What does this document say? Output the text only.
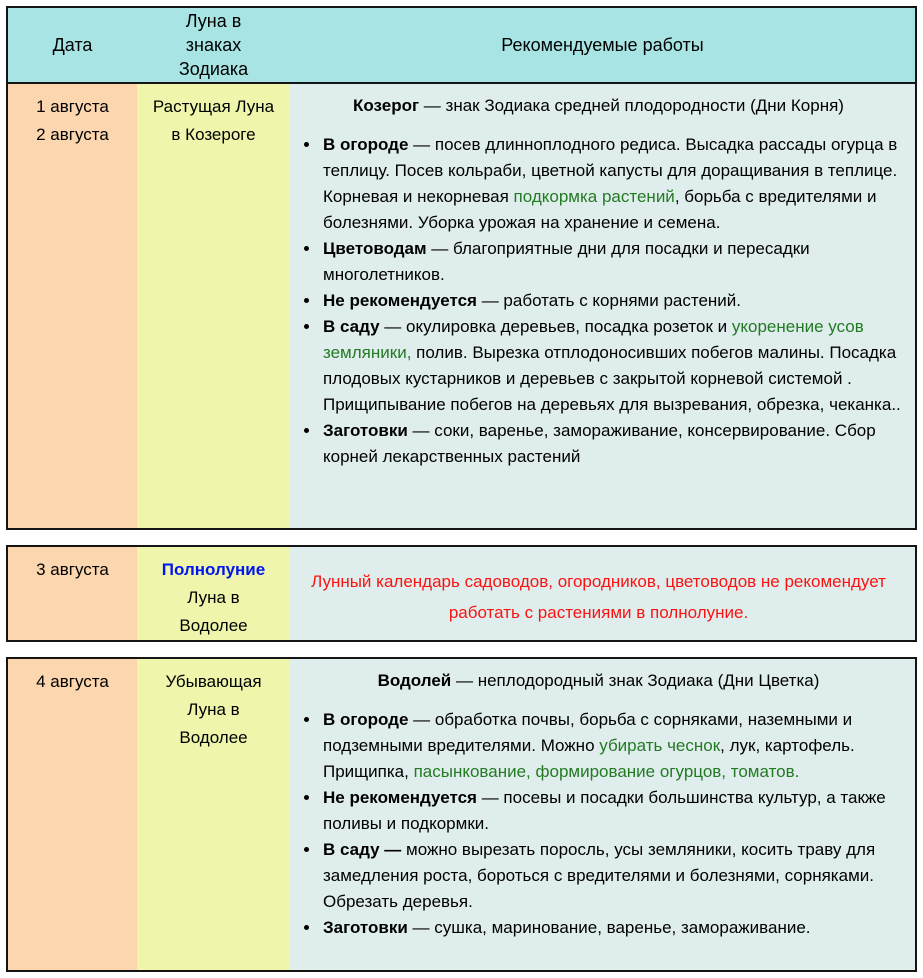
Дата
Луна в
знаках
Зодиака
Рекомендуемые работы
1 августа
2 августа
Растущая Луна
в Козероге
Козерог — знак Зодиака средней плодородности (Дни Корня)
• В огороде — посев длинноплодного редиса. Высадка рассады огурца в теплицу. Посев кольраби, цветной капусты для доращивания в теплице. Корневая и некорневая подкормка растений, борьба с вредителями и болезнями. Уборка урожая на хранение и семена.
• Цветоводам — благоприятные дни для посадки и пересадки многолетников.
• Не рекомендуется — работать с корнями растений.
• В саду — окулировка деревьев, посадка розеток и укоренение усов земляники, полив. Вырезка отплодоносивших побегов малины. Посадка плодовых кустарников и деревьев с закрытой корневой системой . Прищипывание побегов на деревьях для вызревания, обрезка, чеканка..
• Заготовки — соки, варенье, замораживание, консервирование. Сбор корней лекарственных растений
3 августа	Полнолуние
Луна в
Водолее
Лунный календарь садоводов, огородников, цветоводов не рекомендует работать с растениями в полнолуние.
4 августа	Убывающая
Луна в
Водолее
Водолей — неплодородный знак Зодиака (Дни Цветка)
• В огороде — обработка почвы, борьба с сорняками, наземными и подземными вредителями. Можно убирать чеснок, лук, картофель. Прищипка, пасынкование, формирование огурцов, томатов.
• Не рекомендуется — посевы и посадки большинства культур, а также поливы и подкормки.
• В саду — можно вырезать поросль, усы земляники, косить траву для замедления роста, бороться с вредителями и болезнями, сорняками. Обрезать деревья.
• Заготовки — сушка, маринование, варенье, замораживание.
